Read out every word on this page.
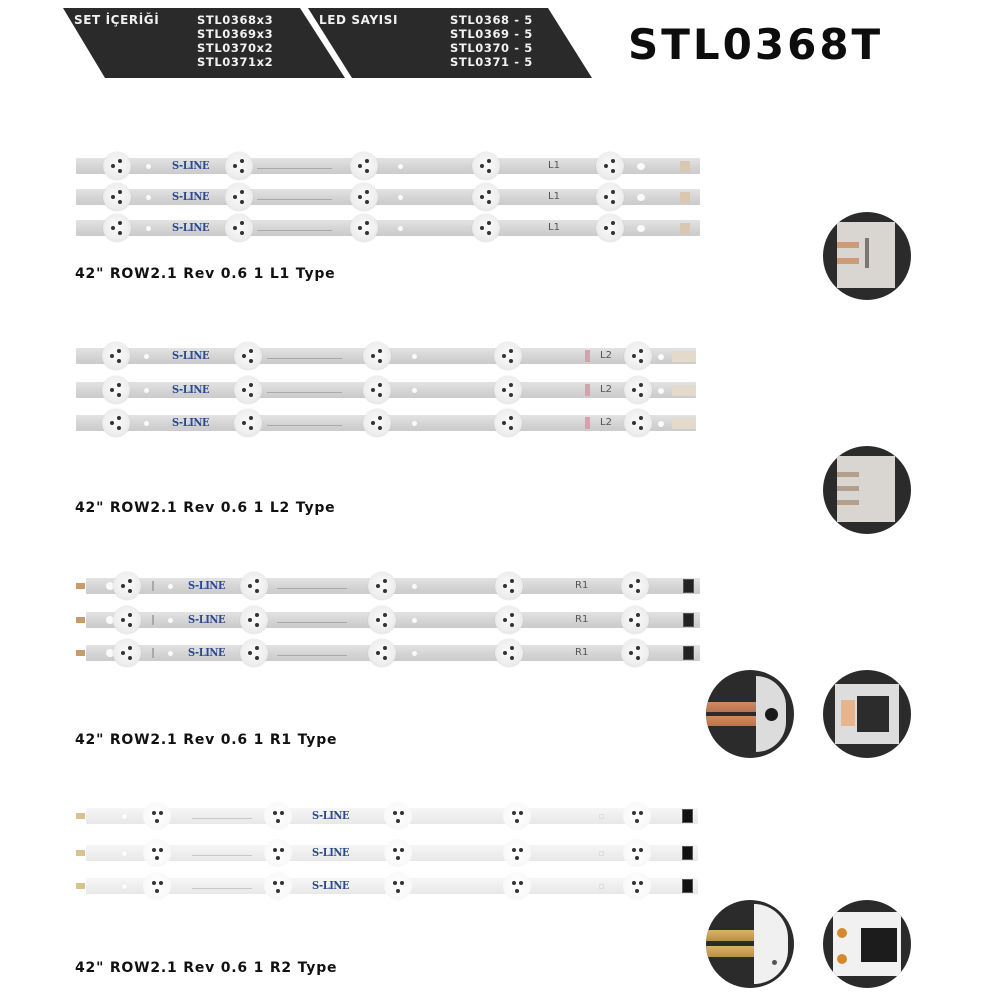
SET İÇERİĞİ	STL0368x3
STL0369x3
STL0370x2
STL0371x2
LED SAYISI	STL0368 - 5
STL0369 - 5
STL0370 - 5
STL0371 - 5 STL0368T
S-LINE	L1
S-LINE	L1
S-LINE	L1
42" ROW2.1 Rev 0.6 1 L1 Type
S-LINE	L2
S-LINE	L2
S-LINE	L2
42" ROW2.1 Rev 0.6 1 L2 Type
S-LINE	R1
S-LINE	R1
S-LINE	R1
42" ROW2.1 Rev 0.6 1 R1 Type
S-LINE
S-LINE
S-LINE
42" ROW2.1 Rev 0.6 1 R2 Type
